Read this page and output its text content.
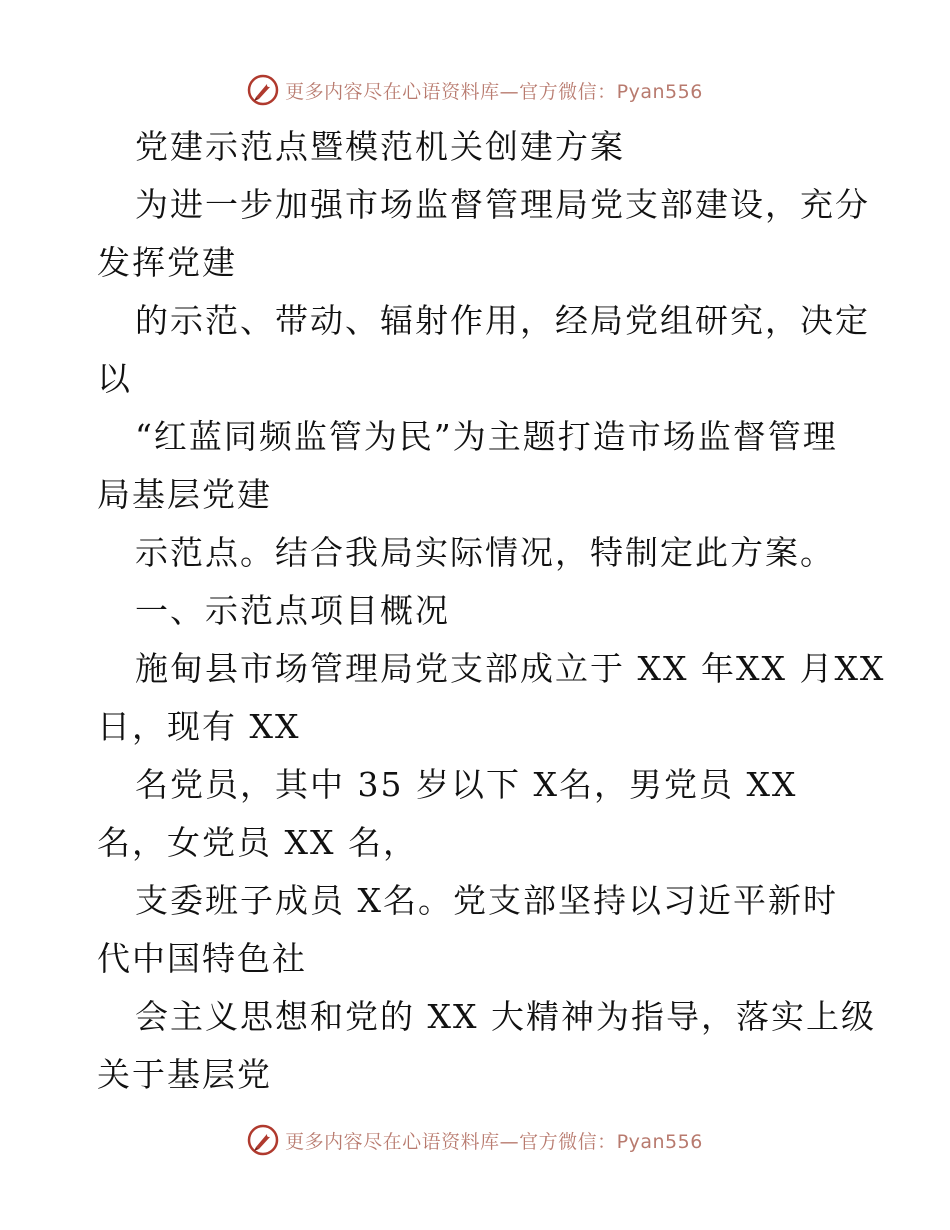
更多内容尽在心语资料库—官方微信：Pyan556
党建示范点暨模范机关创建方案
为进一步加强市场监督管理局党支部建设，充分
发挥党建
的示范、带动、辐射作用，经局党组研究，决定
以
“红蓝同频监管为民”为主题打造市场监督管理
局基层党建
示范点。结合我局实际情况，特制定此方案。
一、示范点项目概况
施甸县市场管理局党支部成立于 XX 年XX 月XX
日，现有 XX
名党员，其中 35 岁以下 X名，男党员 XX
名，女党员 XX 名，
支委班子成员 X名。党支部坚持以习近平新时
代中国特色社
会主义思想和党的 XX 大精神为指导，落实上级
关于基层党
更多内容尽在心语资料库—官方微信：Pyan556
